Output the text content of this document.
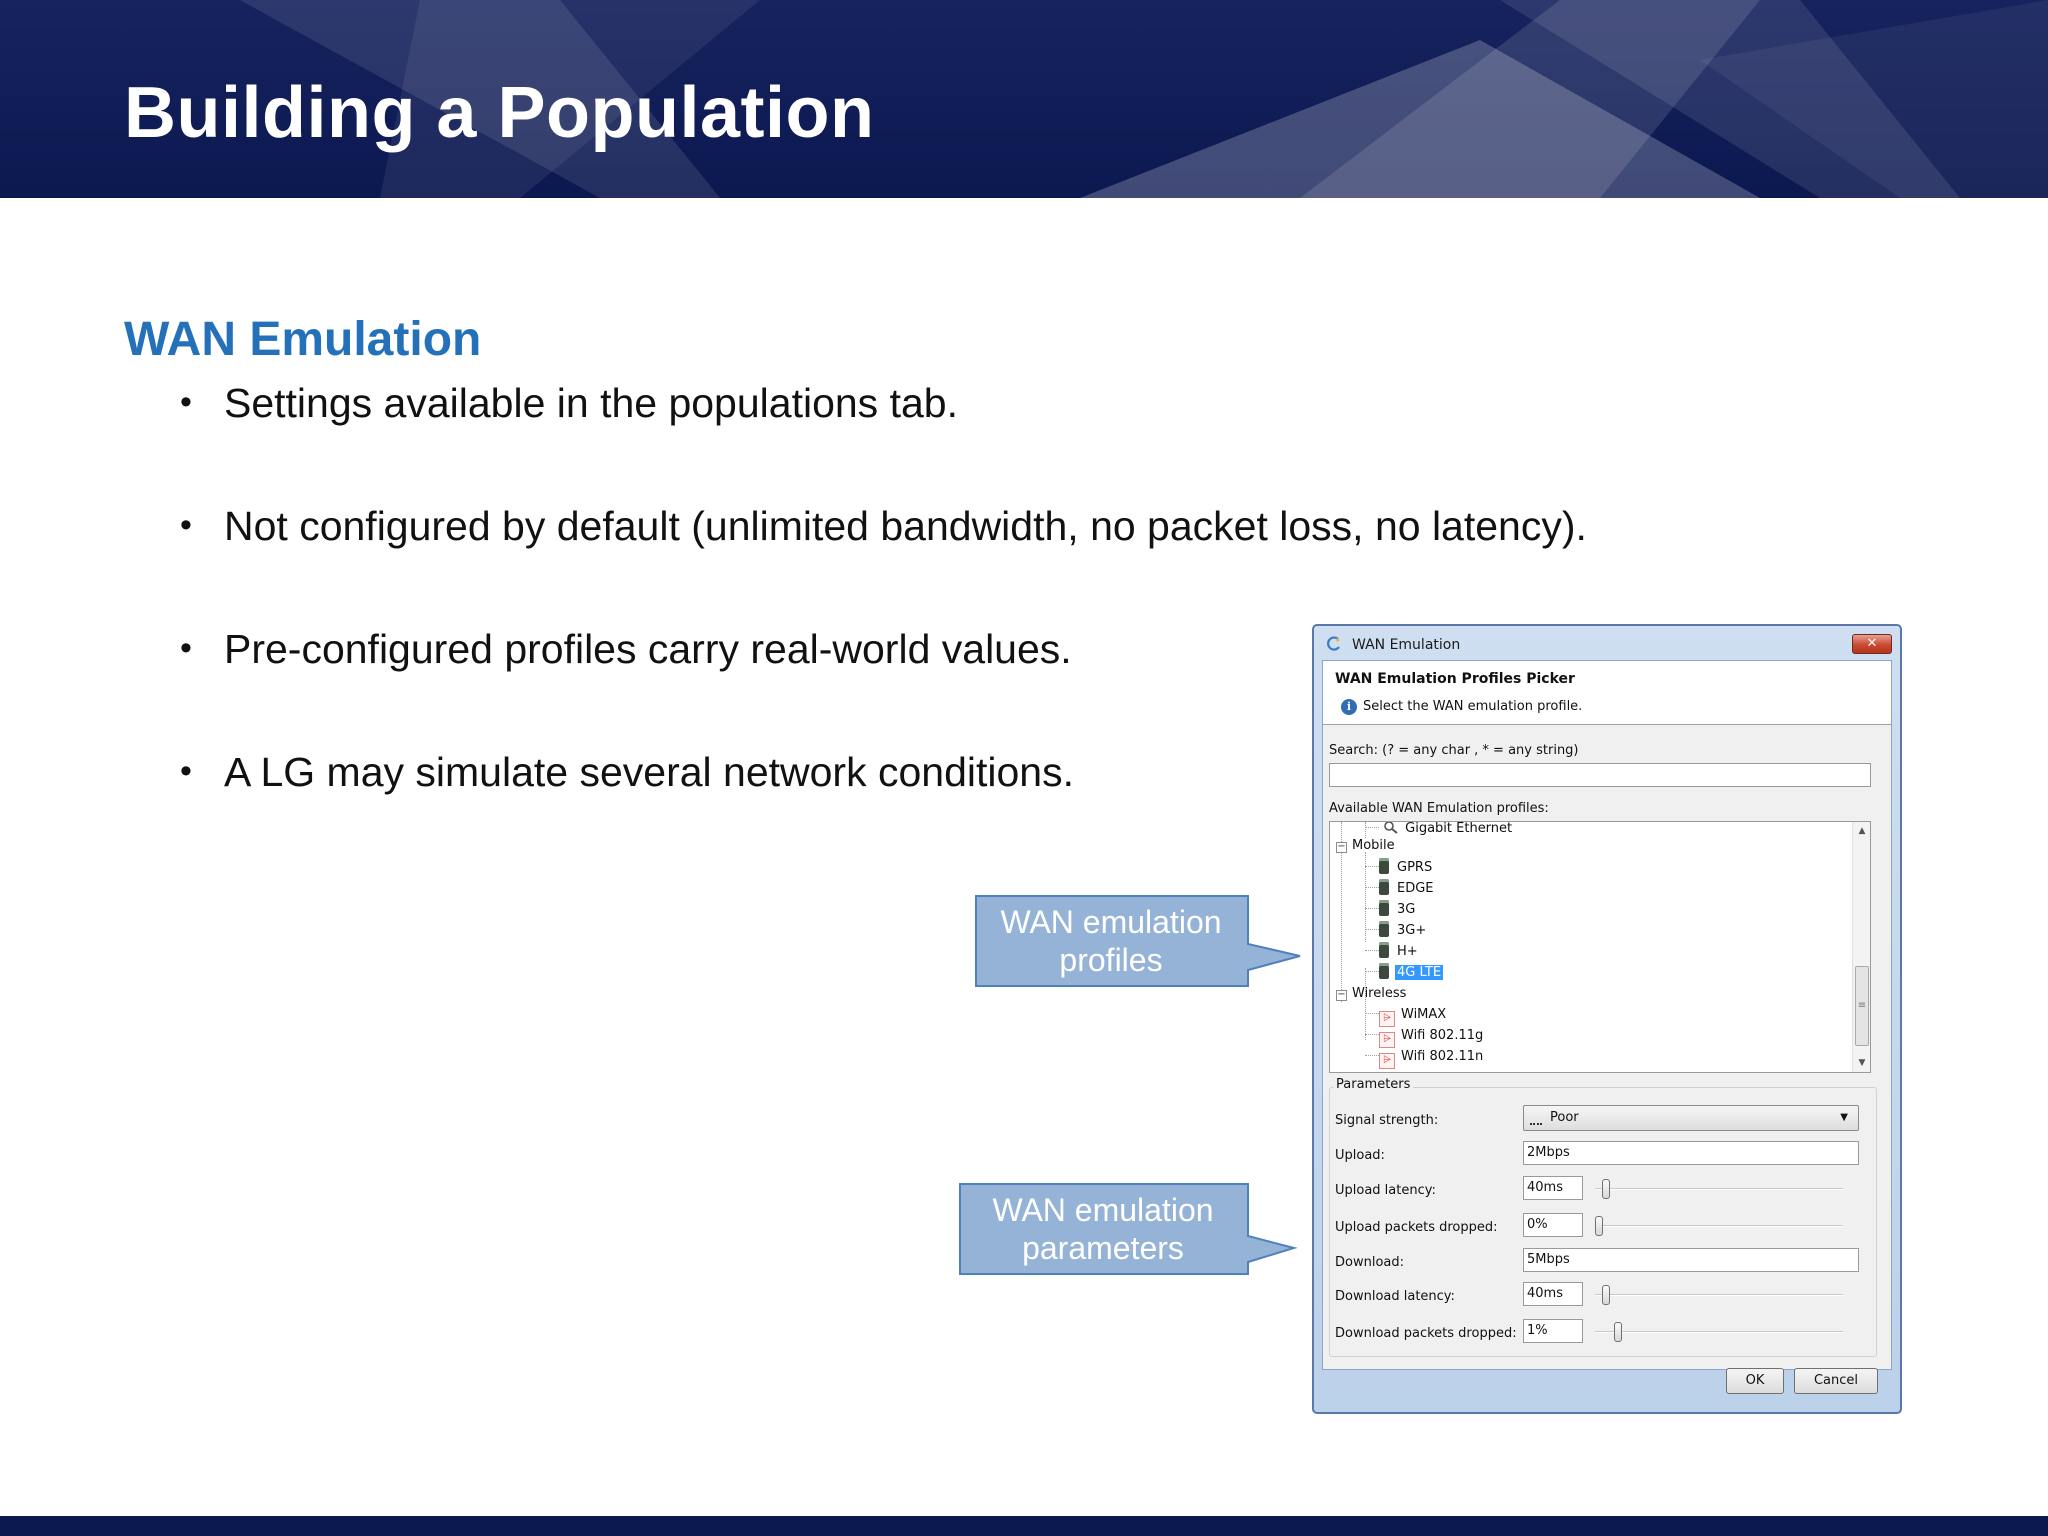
Building a Population
WAN Emulation
• Settings available in the populations tab.
• Not configured by default (unlimited bandwidth, no packet loss, no latency).
• Pre-configured profiles carry real-world values.
• A LG may simulate several network conditions.
WAN emulation
profiles
WAN emulation
parameters
WAN Emulation	✕
WAN Emulation Profiles Picker
i Select the WAN emulation profile.
Search: (? = any char , * = any string)
Available WAN Emulation profiles:
Gigabit Ethernet
− Mobile
GPRS
EDGE
3G
3G+
H+
4G LTE
− Wireless
⩥ WiMAX
⩥ Wifi 802.11g
⩥ Wifi 802.11n
▲
≡
▼
Parameters
Signal strength:	Poor	▼
Upload:	2Mbps
Upload latency:	40ms
Upload packets dropped:	0%
Download:	5Mbps
Download latency:	40ms
Download packets dropped: 1%
OK	Cancel
